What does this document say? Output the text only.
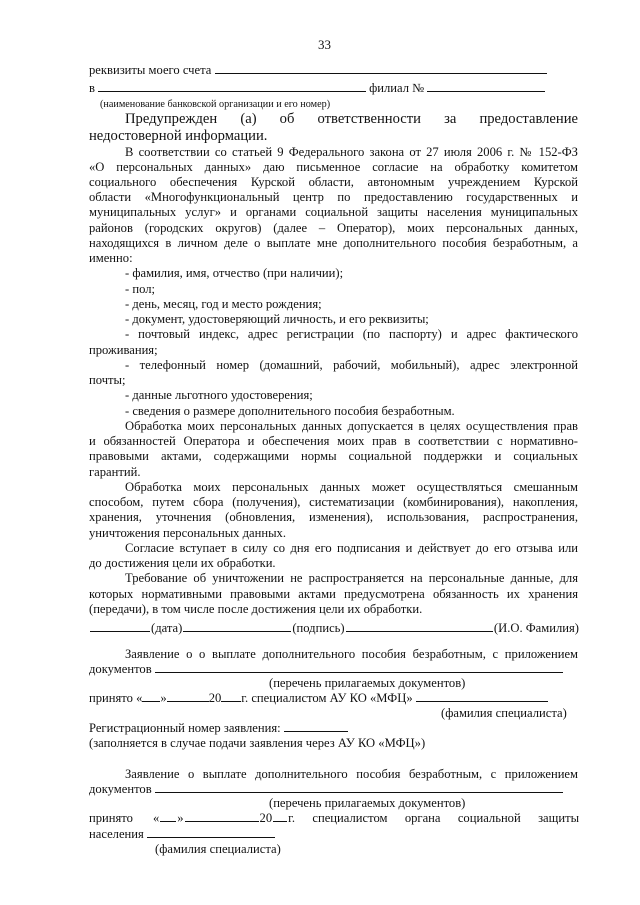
33
реквизиты моего счета
в	филиал №
(наименование банковской организации и его номер)
Предупрежден (а) об ответственности за предоставление
недостоверной информации.
В соответствии со статьей 9 Федерального закона от 27 июля 2006 г. № 152-ФЗ
«О персональных данных» даю письменное согласие на обработку комитетом
социального обеспечения Курской области, автономным учреждением Курской
области «Многофункциональный центр по предоставлению государственных и
муниципальных услуг» и органами социальной защиты населения муниципальных
районов (городских округов) (далее – Оператор), моих персональных данных,
находящихся в личном деле о выплате мне дополнительного пособия безработным, а
именно:
- фамилия, имя, отчество (при наличии);
- пол;
- день, месяц, год и место рождения;
- документ, удостоверяющий личность, и его реквизиты;
- почтовый индекс, адрес регистрации (по паспорту) и адрес фактического
проживания;
- телефонный номер (домашний, рабочий, мобильный), адрес электронной
почты;
- данные льготного удостоверения;
- сведения о размере дополнительного пособия безработным.
Обработка моих персональных данных допускается в целях осуществления прав
и обязанностей Оператора и обеспечения моих прав в соответствии с нормативно-
правовыми актами, содержащими нормы социальной поддержки и социальных
гарантий.
Обработка моих персональных данных может осуществляться смешанным
способом, путем сбора (получения), систематизации (комбинирования), накопления,
хранения, уточнения (обновления, изменения), использования, распространения,
уничтожения персональных данных.
Согласие вступает в силу со дня его подписания и действует до его отзыва или
до достижения цели их обработки.
Требование об уничтожении не распространяется на персональные данные, для
которых нормативными правовыми актами предусмотрена обязанность их хранения
(передачи), в том числе после достижения цели их обработки.
(дата)	(подпись)	(И.О. Фамилия)
Заявление о о выплате дополнительного пособия безработным, с приложением
документов
(перечень прилагаемых документов)
принято « »	20 г. специалистом АУ КО «МФЦ»
(фамилия специалиста)
Регистрационный номер заявления:
(заполняется в случае подачи заявления через АУ КО «МФЦ»)
Заявление о выплате дополнительного пособия безработным, с приложением
документов
(перечень прилагаемых документов)
принято « »	20 г. специалистом органа социальной защиты
населения
(фамилия специалиста)
